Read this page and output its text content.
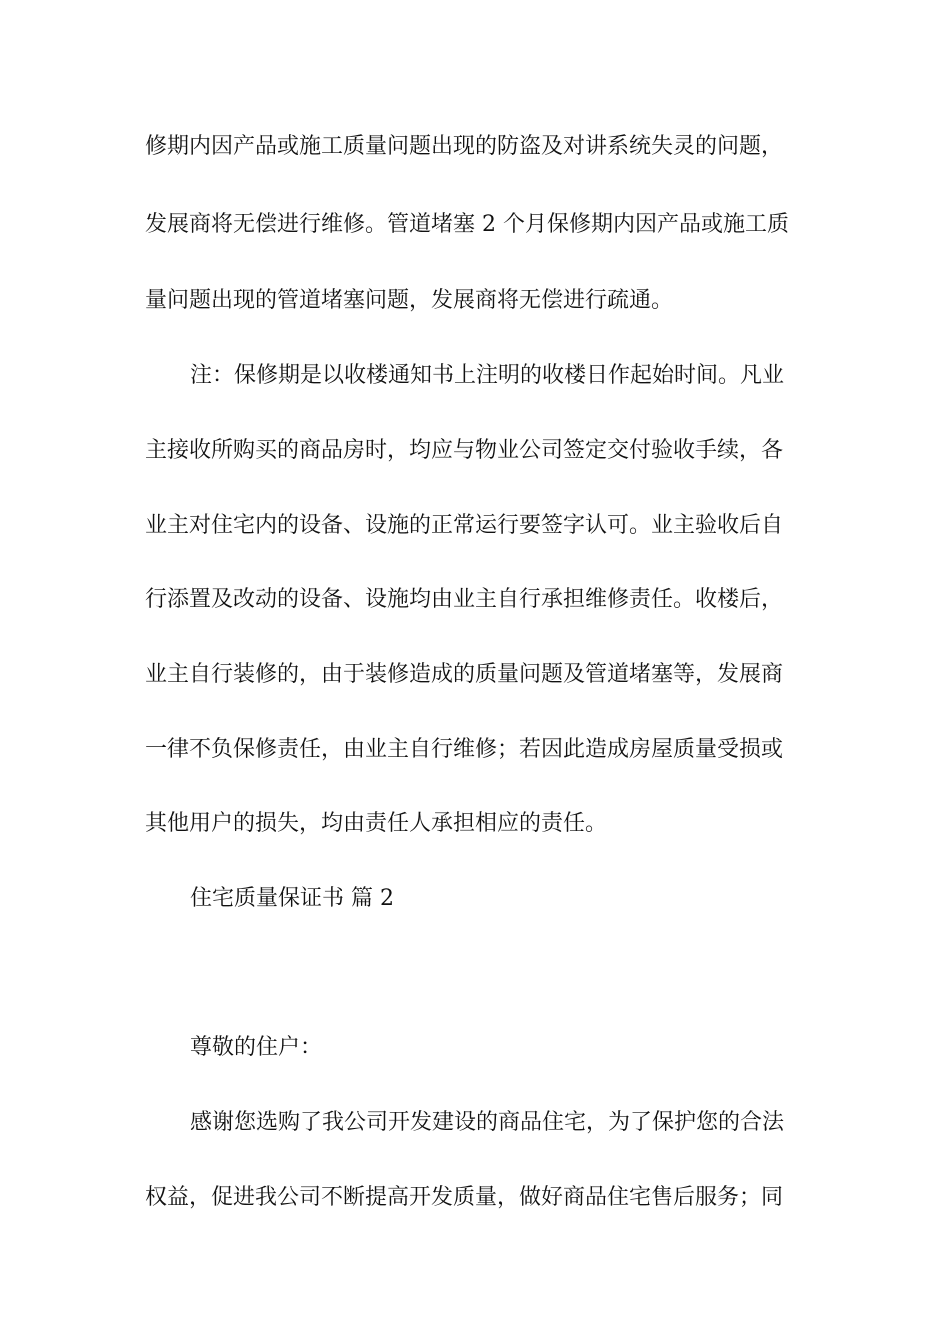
修期内因产品或施工质量问题出现的防盗及对讲系统失灵的问题，
发展商将无偿进行维修。管道堵塞 2 个月保修期内因产品或施工质
量问题出现的管道堵塞问题，发展商将无偿进行疏通。
注：保修期是以收楼通知书上注明的收楼日作起始时间。凡业
主接收所购买的商品房时，均应与物业公司签定交付验收手续，各
业主对住宅内的设备、设施的正常运行要签字认可。业主验收后自
行添置及改动的设备、设施均由业主自行承担维修责任。收楼后，
业主自行装修的，由于装修造成的质量问题及管道堵塞等，发展商
一律不负保修责任，由业主自行维修；若因此造成房屋质量受损或
其他用户的损失，均由责任人承担相应的责任。
住宅质量保证书 篇 2
尊敬的住户：
感谢您选购了我公司开发建设的商品住宅，为了保护您的合法
权益，促进我公司不断提高开发质量，做好商品住宅售后服务；同
